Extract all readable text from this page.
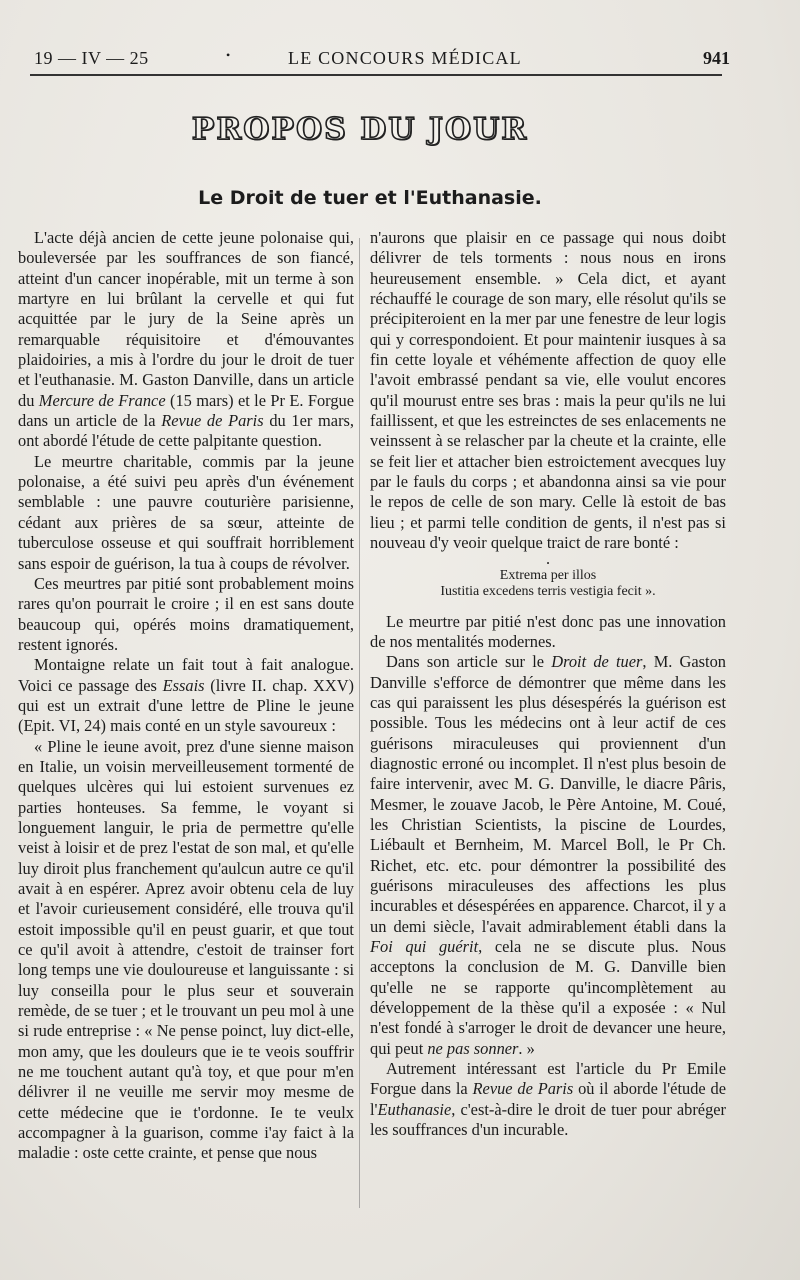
19 — IV — 25	•	LE CONCOURS MÉDICAL	941
PROPOS DU JOUR
Le Droit de tuer et l'Euthanasie.

L'acte déjà ancien de cette jeune polonaise qui, bouleversée par les souffrances de son fiancé, atteint d'un cancer inopérable, mit un terme à son martyre en lui brûlant la cervelle et qui fut acquittée par le jury de la Seine après un remarquable réquisitoire et d'émouvantes plaidoiries, a mis à l'ordre du jour le droit de tuer et l'euthanasie. M. Gaston Danville, dans un article du Mercure de France (15 mars) et le Pr E. Forgue dans un article de la Revue de Paris du 1er mars, ont abordé l'étude de cette palpitante question.

Le meurtre charitable, commis par la jeune polonaise, a été suivi peu après d'un événement semblable : une pauvre couturière parisienne, cédant aux prières de sa sœur, atteinte de tuberculose osseuse et qui souffrait horriblement sans espoir de guérison, la tua à coups de révolver.

Ces meurtres par pitié sont probablement moins rares qu'on pourrait le croire ; il en est sans doute beaucoup qui, opérés moins dramatiquement, restent ignorés.

Montaigne relate un fait tout à fait analogue. Voici ce passage des Essais (livre II. chap. XXV) qui est un extrait d'une lettre de Pline le jeune (Epit. VI, 24) mais conté en un style savoureux :

« Pline le ieune avoit, prez d'une sienne maison en Italie, un voisin merveilleusement tormenté de quelques ulcères qui lui estoient survenues ez parties honteuses. Sa femme, le voyant si longuement languir, le pria de permettre qu'elle veist à loisir et de prez l'estat de son mal, et qu'elle luy diroit plus franchement qu'aulcun autre ce qu'il avait à en espérer. Aprez avoir obtenu cela de luy et l'avoir curieusement considéré, elle trouva qu'il estoit impossible qu'il en peust guarir, et que tout ce qu'il avoit à attendre, c'estoit de trainser fort long temps une vie douloureuse et languissante : si luy conseilla pour le plus seur et souverain remède, de se tuer ; et le trouvant un peu mol à une si rude entreprise : « Ne pense poinct, luy dict-elle, mon amy, que les douleurs que ie te veois souffrir ne me touchent autant qu'à toy, et que pour m'en délivrer il ne veuille me servir moy mesme de cette médecine que ie t'ordonne. Ie te veulx accompagner à la guarison, comme i'ay faict à la maladie : oste cette crainte, et pense que nous

n'aurons que plaisir en ce passage qui nous doibt délivrer de tels torments : nous nous en irons heureusement ensemble. » Cela dict, et ayant réchauffé le courage de son mary, elle résolut qu'ils se précipiteroient en la mer par une fenestre de leur logis qui y correspondoient. Et pour maintenir iusques à sa fin cette loyale et véhémente affection de quoy elle l'avoit embrassé pendant sa vie, elle voulut encores qu'il mourust entre ses bras : mais la peur qu'ils ne lui faillissent, et que les estreinctes de ses enlacements ne veinssent à se relascher par la cheute et la crainte, elle se feit lier et attacher bien estroictement avecques luy par le fauls du corps ; et abandonna ainsi sa vie pour le repos de celle de son mary. Celle là estoit de bas lieu ; et parmi telle condition de gents, il n'est pas si nouveau d'y veoir quelque traict de rare bonté :

•
Extrema per illos
Iustitia excedens terris vestigia fecit ».

Le meurtre par pitié n'est donc pas une innovation de nos mentalités modernes.

Dans son article sur le Droit de tuer, M. Gaston Danville s'efforce de démontrer que même dans les cas qui paraissent les plus désespérés la guérison est possible. Tous les médecins ont à leur actif de ces guérisons miraculeuses qui proviennent d'un diagnostic erroné ou incomplet. Il n'est plus besoin de faire intervenir, avec M. G. Danville, le diacre Pâris, Mesmer, le zouave Jacob, le Père Antoine, M. Coué, les Christian Scientists, la piscine de Lourdes, Liébault et Bernheim, M. Marcel Boll, le Pr Ch. Richet, etc. etc. pour démontrer la possibilité des guérisons miraculeuses des affections les plus incurables et désespérées en apparence. Charcot, il y a un demi siècle, l'avait admirablement établi dans la Foi qui guérit, cela ne se discute plus. Nous acceptons la conclusion de M. G. Danville bien qu'elle ne se rapporte qu'incomplètement au développement de la thèse qu'il a exposée : « Nul n'est fondé à s'arroger le droit de devancer une heure, qui peut ne pas sonner. »

Autrement intéressant est l'article du Pr Emile Forgue dans la Revue de Paris où il aborde l'étude de l'Euthanasie, c'est-à-dire le droit de tuer pour abréger les souffrances d'un incurable.
